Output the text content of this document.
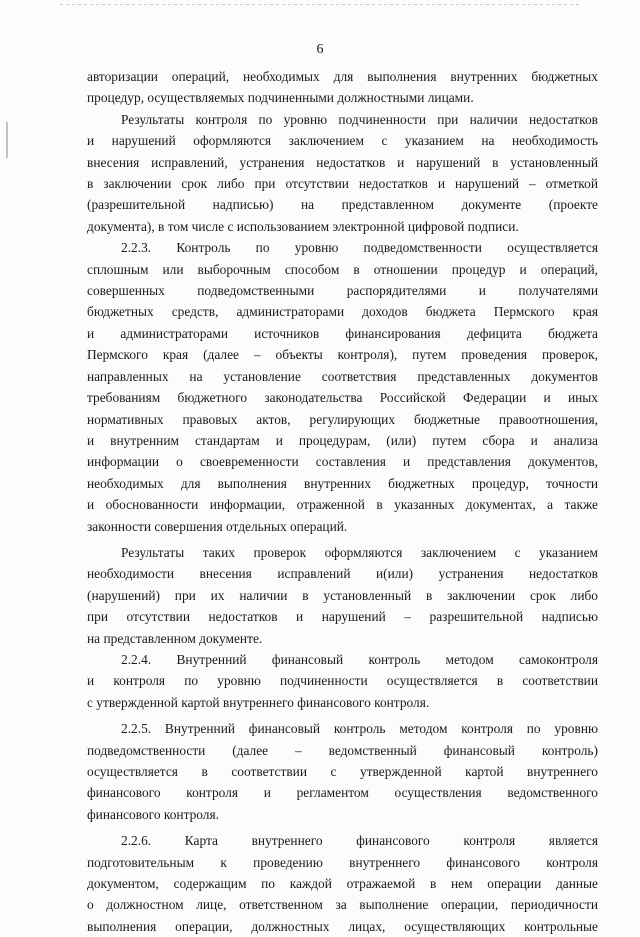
6

авторизации операций, необходимых для выполнения внутренних бюджетных

процедур, осуществляемых подчиненными должностными лицами.

Результаты контроля по уровню подчиненности при наличии недостатков

и нарушений оформляются заключением с указанием на необходимость

внесения исправлений, устранения недостатков и нарушений в установленный

в заключении срок либо при отсутствии недостатков и нарушений – отметкой

(разрешительной надписью) на представленном документе (проекте

документа), в том числе с использованием электронной цифровой подписи.

2.2.3. Контроль по уровню подведомственности осуществляется

сплошным или выборочным способом в отношении процедур и операций,

совершенных подведомственными распорядителями и получателями

бюджетных средств, администраторами доходов бюджета Пермского края

и администраторами источников финансирования дефицита бюджета

Пермского края (далее – объекты контроля), путем проведения проверок,

направленных на установление соответствия представленных документов

требованиям бюджетного законодательства Российской Федерации и иных

нормативных правовых актов, регулирующих бюджетные правоотношения,

и внутренним стандартам и процедурам, (или) путем сбора и анализа

информации о своевременности составления и представления документов,

необходимых для выполнения внутренних бюджетных процедур, точности

и обоснованности информации, отраженной в указанных документах, а также

законности совершения отдельных операций.

Результаты таких проверок оформляются заключением с указанием

необходимости внесения исправлений и(или) устранения недостатков

(нарушений) при их наличии в установленный в заключении срок либо

при отсутствии недостатков и нарушений – разрешительной надписью

на представленном документе.

2.2.4. Внутренний финансовый контроль методом самоконтроля

и контроля по уровню подчиненности осуществляется в соответствии

с утвержденной картой внутреннего финансового контроля.

2.2.5. Внутренний финансовый контроль методом контроля по уровню

подведомственности (далее – ведомственный финансовый контроль)

осуществляется в соответствии с утвержденной картой внутреннего

финансового контроля и регламентом осуществления ведомственного

финансового контроля.

2.2.6. Карта внутреннего финансового контроля является

подготовительным к проведению внутреннего финансового контроля

документом, содержащим по каждой отражаемой в нем операции данные

о должностном лице, ответственном за выполнение операции, периодичности

выполнения операции, должностных лицах, осуществляющих контрольные
